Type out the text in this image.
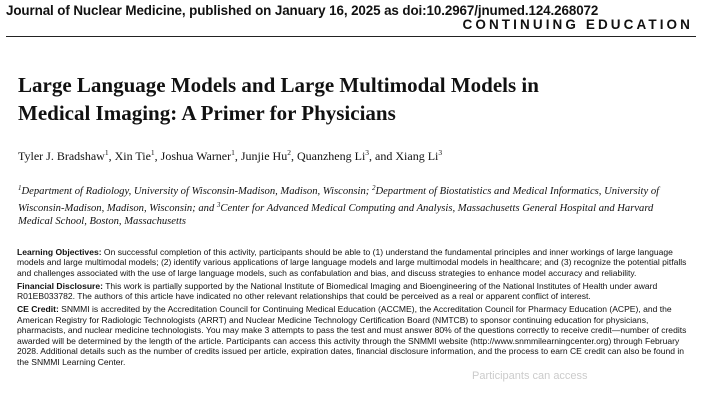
Journal of Nuclear Medicine, published on January 16, 2025 as doi:10.2967/jnumed.124.268072
CONTINUING EDUCATION
Large Language Models and Large Multimodal Models in
Medical Imaging: A Primer for Physicians
Tyler J. Bradshaw$^1$, Xin Tie$^1$, Joshua Warner$^1$, Junjie Hu$^2$, Quanzheng Li$^3$, and Xiang Li$^3$
$^1$Department of Radiology, University of Wisconsin-Madison, Madison, Wisconsin; $^2$Department of Biostatistics and Medical Informatics, University of Wisconsin-Madison, Madison, Wisconsin; and $^3$Center for Advanced Medical Computing and Analysis, Massachusetts General Hospital and Harvard Medical School, Boston, Massachusetts

Learning Objectives: On successful completion of this activity, participants should be able to (1) understand the fundamental principles and inner workings of large language models and large multimodal models; (2) identify various applications of large language models and large multimodal models in healthcare; and (3) recognize the potential pitfalls and challenges associated with the use of large language models, such as confabulation and bias, and discuss strategies to enhance model accuracy and reliability.

Financial Disclosure: This work is partially supported by the National Institute of Biomedical Imaging and Bioengineering of the National Institutes of Health under award R01EB033782. The authors of this article have indicated no other relevant relationships that could be perceived as a real or apparent conflict of interest.

CE Credit: SNMMI is accredited by the Accreditation Council for Continuing Medical Education (ACCME), the Accreditation Council for Pharmacy Education (ACPE), and the American Registry for Radiologic Technologists (ARRT) and Nuclear Medicine Technology Certification Board (NMTCB) to sponsor continuing education for physicians, pharmacists, and nuclear medicine technologists. You may make 3 attempts to pass the test and must answer 80% of the questions correctly to receive credit—number of credits awarded will be determined by the length of the article. Participants can access this activity through the SNMMI website (http://www.snmmilearningcenter.org) through February 2028. Additional details such as the number of credits issued per article, expiration dates, financial disclosure information, and the process to earn CE credit can also be found in the SNMMI Learning Center.

Participants can access
